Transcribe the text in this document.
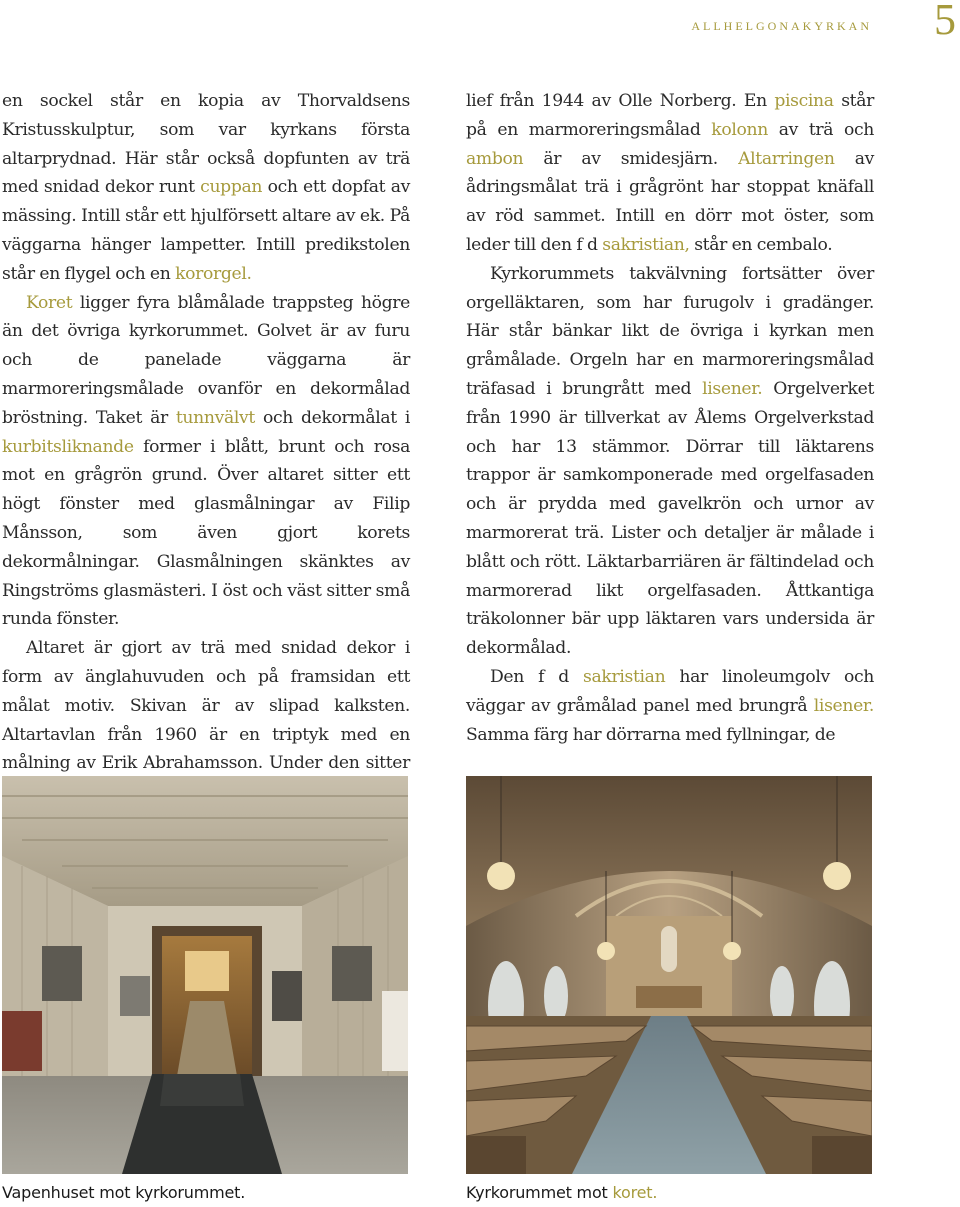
allhelgonakyrkan 5

en sockel står en kopia av Thorvaldsens Kristusskulptur, som var kyrkans första altarprydnad. Här står också dopfunten av trä med snidad dekor runt cuppan och ett dopfat av mässing. Intill står ett hjulförsett altare av ek. På väggarna hänger lampetter. Intill predikstolen står en flygel och en kororgel.

Koret ligger fyra blåmålade trappsteg högre än det övriga kyrkorummet. Golvet är av furu och de panelade väggarna är marmoreringsmålade ovanför en dekormålad bröstning. Taket är tunnvälvt och dekormålat i kurbitsliknande former i blått, brunt och rosa mot en grågrön grund. Över altaret sitter ett högt fönster med glasmålningar av Filip Månsson, som även gjort korets dekormålningar. Glasmålningen skänktes av Ringströms glasmästeri. I öst och väst sitter små runda fönster.

Altaret är gjort av trä med snidad dekor i form av änglahuvuden och på framsidan ett målat motiv. Skivan är av slipad kalksten. Altartavlan från 1960 är en triptyk med en målning av Erik Abrahamsson. Under den sitter

lief från 1944 av Olle Norberg. En piscina står på en marmoreringsmålad kolonn av trä och ambon är av smidesjärn. Altarringen av ådringsmålat trä i grågrönt har stoppat knäfall av röd sammet. Intill en dörr mot öster, som leder till den f d sakristian, står en cembalo.

Kyrkorummets takvälvning fortsätter över orgelläktaren, som har furugolv i gradänger. Här står bänkar likt de övriga i kyrkan men gråmålade. Orgeln har en marmoreringsmålad träfasad i brungrått med lisener. Orgelverket från 1990 är tillverkat av Ålems Orgelverkstad och har 13 stämmor. Dörrar till läktarens trappor är samkomponerade med orgelfasaden och är prydda med gavelkrön och urnor av marmorerat trä. Lister och detaljer är målade i blått och rött. Läktarbarriären är fältindelad och marmorerad likt orgelfasaden. Åttkantiga träkolonner bär upp läktaren vars undersida är dekormålad.

Den f d sakristian har linoleumgolv och väggar av gråmålad panel med brungrå lisener. Samma färg har dörrarna med fyllningar, de

Vapenhuset mot kyrkorummet.	Kyrkorummet mot koret.
